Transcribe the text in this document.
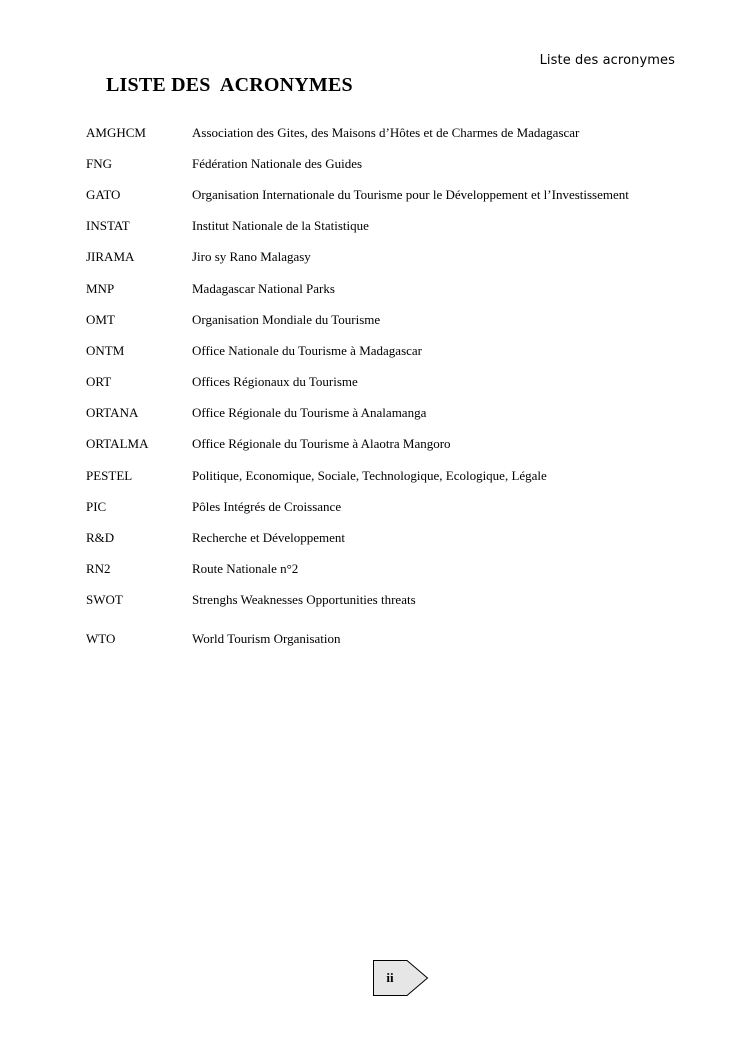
Liste des acronymes
LISTE DES  ACRONYMES
AMGHCM	Association des Gites, des Maisons d’Hôtes et de Charmes de Madagascar
FNG	Fédération Nationale des Guides
GATO	Organisation Internationale du Tourisme pour le Développement et l’Investissement
INSTAT	Institut Nationale de la Statistique
JIRAMA	Jiro sy Rano Malagasy
MNP	Madagascar National Parks
OMT	Organisation Mondiale du Tourisme
ONTM	Office Nationale du Tourisme à Madagascar
ORT	Offices Régionaux du Tourisme
ORTANA	Office Régionale du Tourisme à Analamanga
ORTALMA	Office Régionale du Tourisme à Alaotra Mangoro
PESTEL	Politique, Economique, Sociale, Technologique, Ecologique, Légale
PIC	Pôles Intégrés de Croissance
R&D	Recherche et Développement
RN2	Route Nationale n°2
SWOT	Strenghs Weaknesses Opportunities threats
WTO	World Tourism Organisation
ii
